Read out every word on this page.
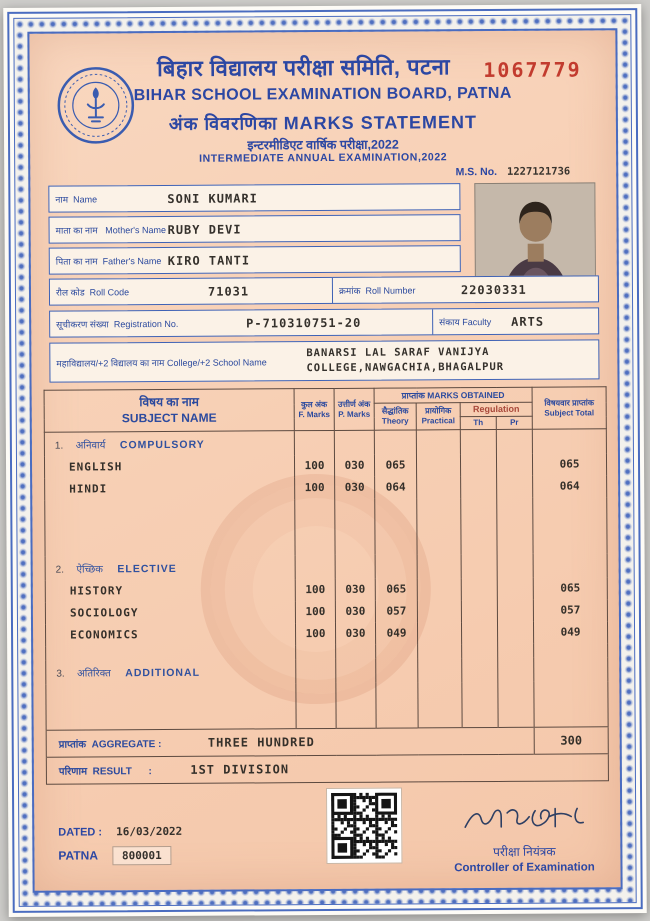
बिहार विद्यालय परीक्षा समिति, पटना	1067779
BIHAR SCHOOL EXAMINATION BOARD, PATNA
अंक विवरणिका MARKS STATEMENT
इन्टरमीडिएट वार्षिक परीक्षा,2022
INTERMEDIATE ANNUAL EXAMINATION,2022
M.S. No. 1227121736
नाम  Name	SONI KUMARI
माता का नाम   Mother's Name RUBY DEVI
पिता का नाम  Father's Name KIRO TANTI
रौल कोड  Roll Code	71031	क्रमांक  Roll Number	22030331
सूचीकरण संख्या  Registration No.	P-710310751-20	संकाय Faculty	ARTS
महाविद्यालय/+2 विद्यालय का नाम College/+2 School Name
BANARSI LAL SARAF VANIJYA
COLLEGE,NAWGACHIA,BHAGALPUR
विषय का नाम
SUBJECT NAME	कुल अंक
F. Marks	उत्तीर्ण अंक
P. Marks	प्राप्तांक MARKS OBTAINED				विषयवार प्राप्तांक
Subject Total

			सैद्धांतिक
Theory	प्रायोगिक
Practical	Regulation		
					Th	Pr	
1. अनिवार्य COMPULSORY							
ENGLISH	100	030	065				065
HINDI	100	030	064				064

2. ऐच्छिक ELECTIVE							
HISTORY	100	030	065				065
SOCIOLOGY	100	030	057				057
ECONOMICS	100	030	049				049

3. अतिरिक्त ADDITIONAL							

प्राप्तांक  AGGREGATE : THREE HUNDRED							300
परिणाम  RESULT      : 1ST DIVISION							
DATED : 16/03/2022
PATNA 800001	परीक्षा नियंत्रक
Controller of Examination
